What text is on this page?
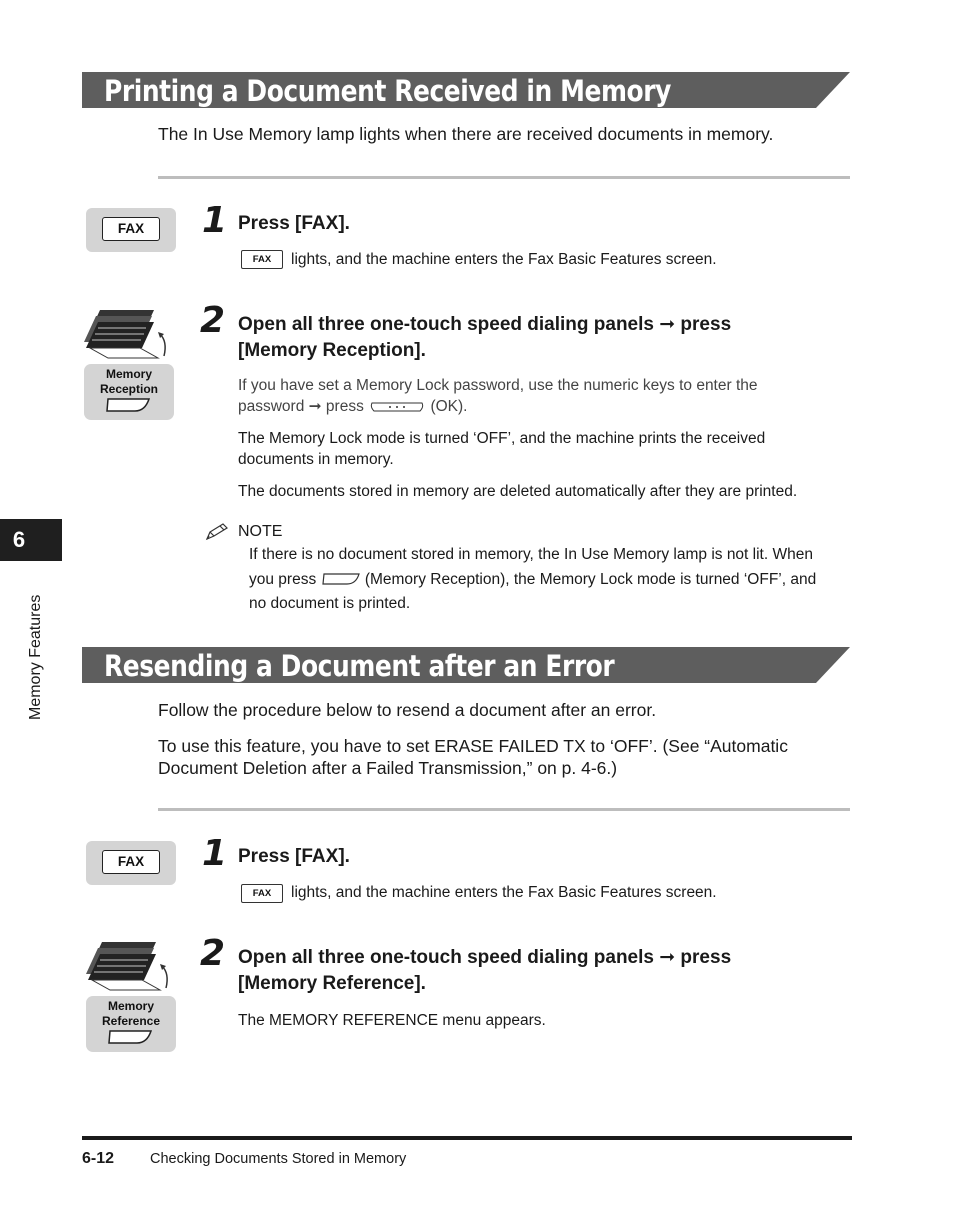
Printing a Document Received in Memory
The In Use Memory lamp lights when there are received documents in memory.
FAX	1 Press [FAX].
FAX	lights, and the machine enters the Fax Basic Features screen.
Memory
Reception
2 Open all three one-touch speed dialing panels ➞ press
[Memory Reception].
If you have set a Memory Lock password, use the numeric keys to enter the
password ➞ press	(OK).
The Memory Lock mode is turned ‘OFF’, and the machine prints the received
documents in memory.
The documents stored in memory are deleted automatically after they are printed.
NOTE
If there is no document stored in memory, the In Use Memory lamp is not lit. When
you press	(Memory Reception), the Memory Lock mode is turned ‘OFF’, and
no document is printed.
Resending a Document after an Error
Follow the procedure below to resend a document after an error.
To use this feature, you have to set ERASE FAILED TX to ‘OFF’. (See “Automatic
Document Deletion after a Failed Transmission,” on p. 4-6.)
FAX	1 Press [FAX].
FAX	lights, and the machine enters the Fax Basic Features screen.
Memory
Reference
2 Open all three one-touch speed dialing panels ➞ press
[Memory Reference].
The MEMORY REFERENCE menu appears.
6
Memory Features
6-12 Checking Documents Stored in Memory
